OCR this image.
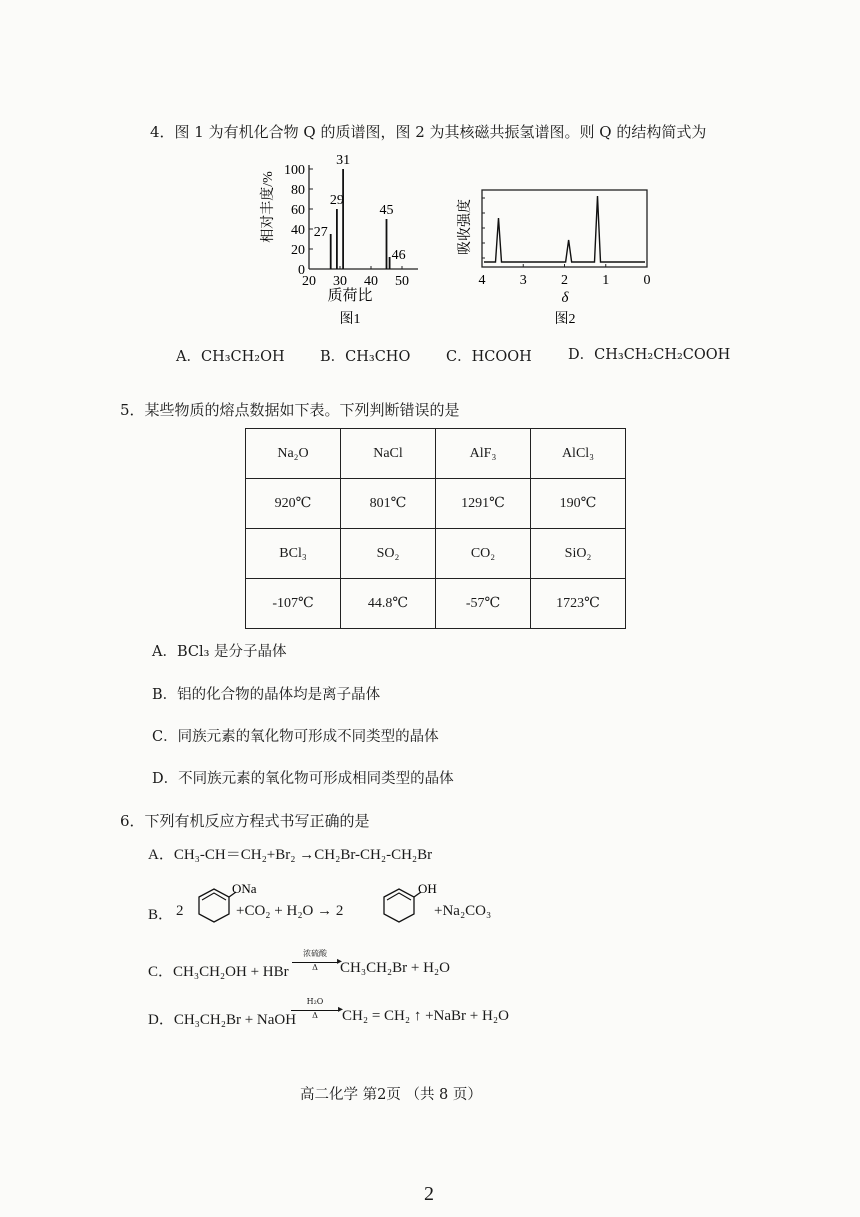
4．图 1 为有机化合物 Q 的质谱图，图 2 为其核磁共振氢谱图。则 Q 的结构简式为
相对丰度/%
100
80
60
40
20
0
20 30 40 50
27
29
31
45
46
质荷比
图1
吸收强度
4 3 2 1 0
δ
图2
A．CH₃CH₂OH B．CH₃CHO C．HCOOH D．CH₃CH₂CH₂COOH
5．某些物质的熔点数据如下表。下列判断错误的是
Na₂O	NaCl	AlF₃	AlCl₃
920℃	801℃	1291℃	190℃
BCl₃	SO₂	CO₂	SiO₂
-107℃	44.8℃	-57℃	1723℃
A．BCl₃ 是分子晶体
B．铝的化合物的晶体均是离子晶体
C．同族元素的氧化物可形成不同类型的晶体
D．不同族元素的氧化物可形成相同类型的晶体
6．下列有机反应方程式书写正确的是
A．CH₃-CH＝CH₂+Br₂ →CH₂Br-CH₂-CH₂Br
B． 2
ONa
+CO₂ + H₂O → 2
OH
+Na₂CO₃
C．CH₃CH₂OH + HBr
浓硫酸
▸
Δ	CH₃CH₂Br + H₂O
D．CH₃CH₂Br + NaOH
H₂O
▸
Δ	CH₂ = CH₂ ↑ +NaBr + H₂O
高二化学 第2页 （共 8 页）
2
